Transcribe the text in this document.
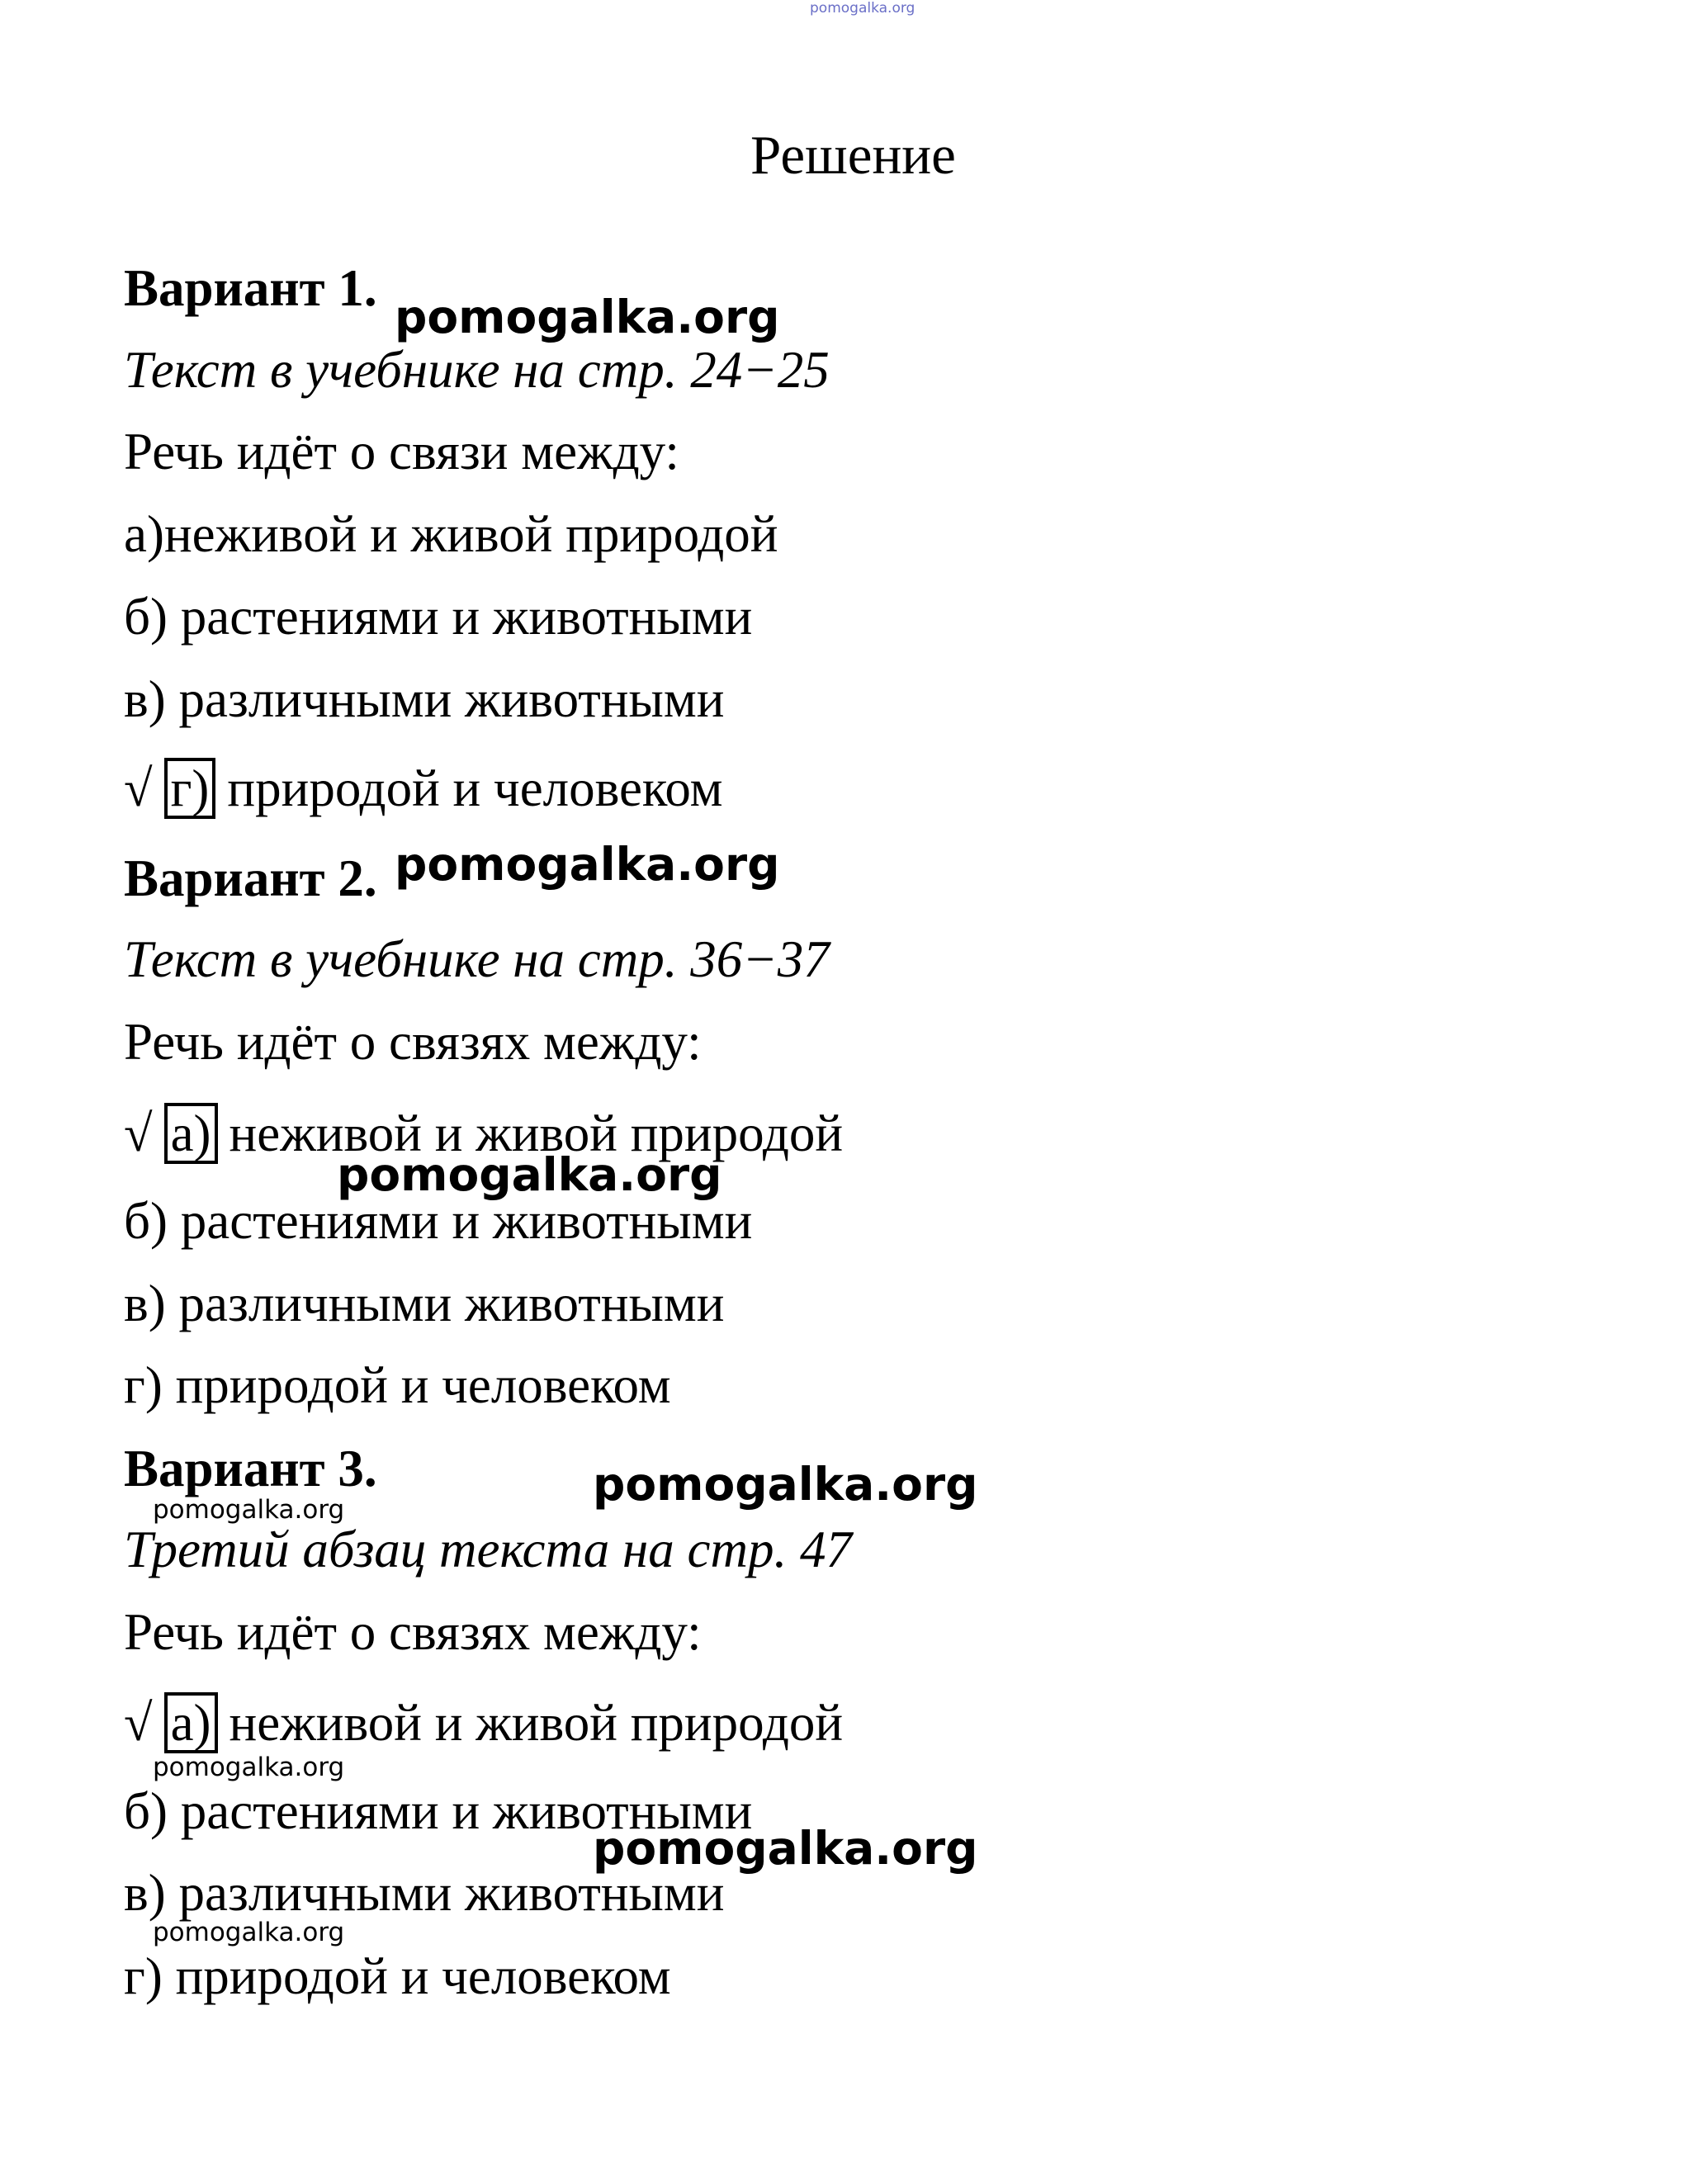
pomogalka.org
Решение
Вариант 1.
Текст в учебнике на стр. 24−25
Речь идёт о связи между:
а)неживой и живой природой
б) растениями и животными
в) различными животными
√ г) природой и человеком
Вариант 2.
Текст в учебнике на стр. 36−37
Речь идёт о связях между:
√ а) неживой и живой природой
б) растениями и животными
в) различными животными
г) природой и человеком
Вариант 3.
Третий абзац текста на стр. 47
Речь идёт о связях между:
√ а) неживой и живой природой
б) растениями и животными
в) различными животными
г) природой и человеком
pomogalka.org
pomogalka.org
pomogalka.org
pomogalka.org
pomogalka.org
pomogalka.org
pomogalka.org
pomogalka.org
